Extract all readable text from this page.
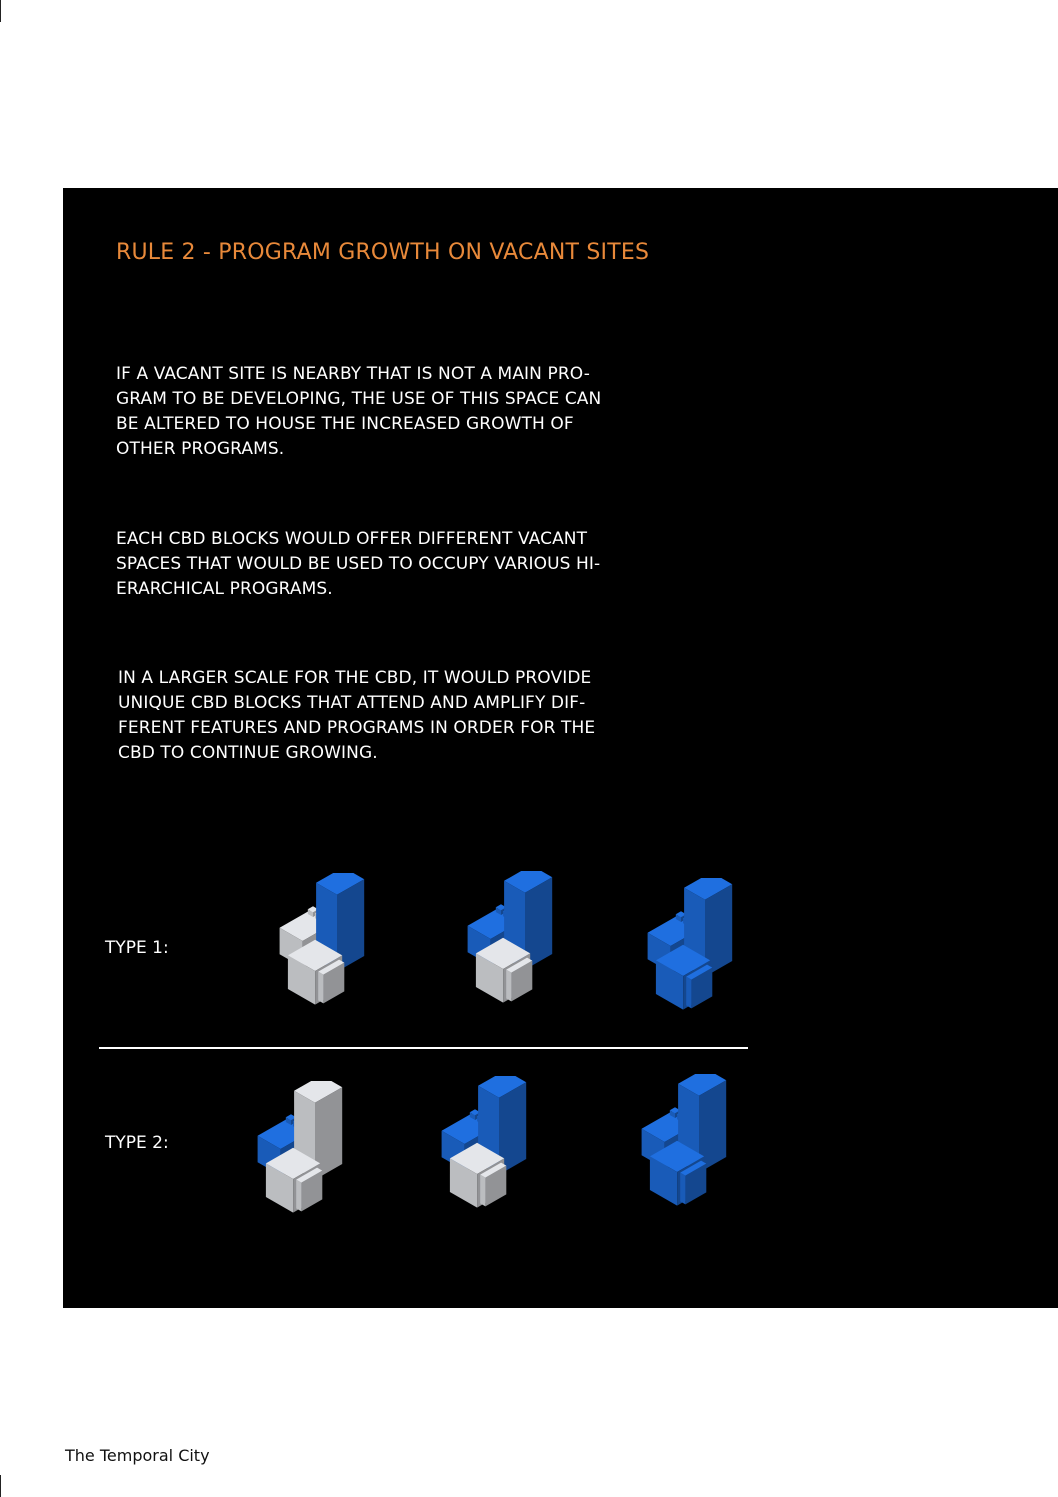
RULE 2 - PROGRAM GROWTH ON VACANT SITES

IF A VACANT SITE IS NEARBY THAT IS NOT A MAIN PRO-
GRAM TO BE DEVELOPING, THE USE OF THIS SPACE CAN
BE ALTERED TO HOUSE THE INCREASED GROWTH OF
OTHER PROGRAMS.

EACH CBD BLOCKS WOULD OFFER DIFFERENT VACANT
SPACES THAT WOULD BE USED TO OCCUPY VARIOUS HI-
ERARCHICAL PROGRAMS.

IN A LARGER SCALE FOR THE CBD, IT WOULD PROVIDE
UNIQUE CBD BLOCKS THAT ATTEND AND AMPLIFY DIF-
FERENT FEATURES AND PROGRAMS IN ORDER FOR THE
CBD TO CONTINUE GROWING.

TYPE 1:
TYPE 2:

The Temporal City
